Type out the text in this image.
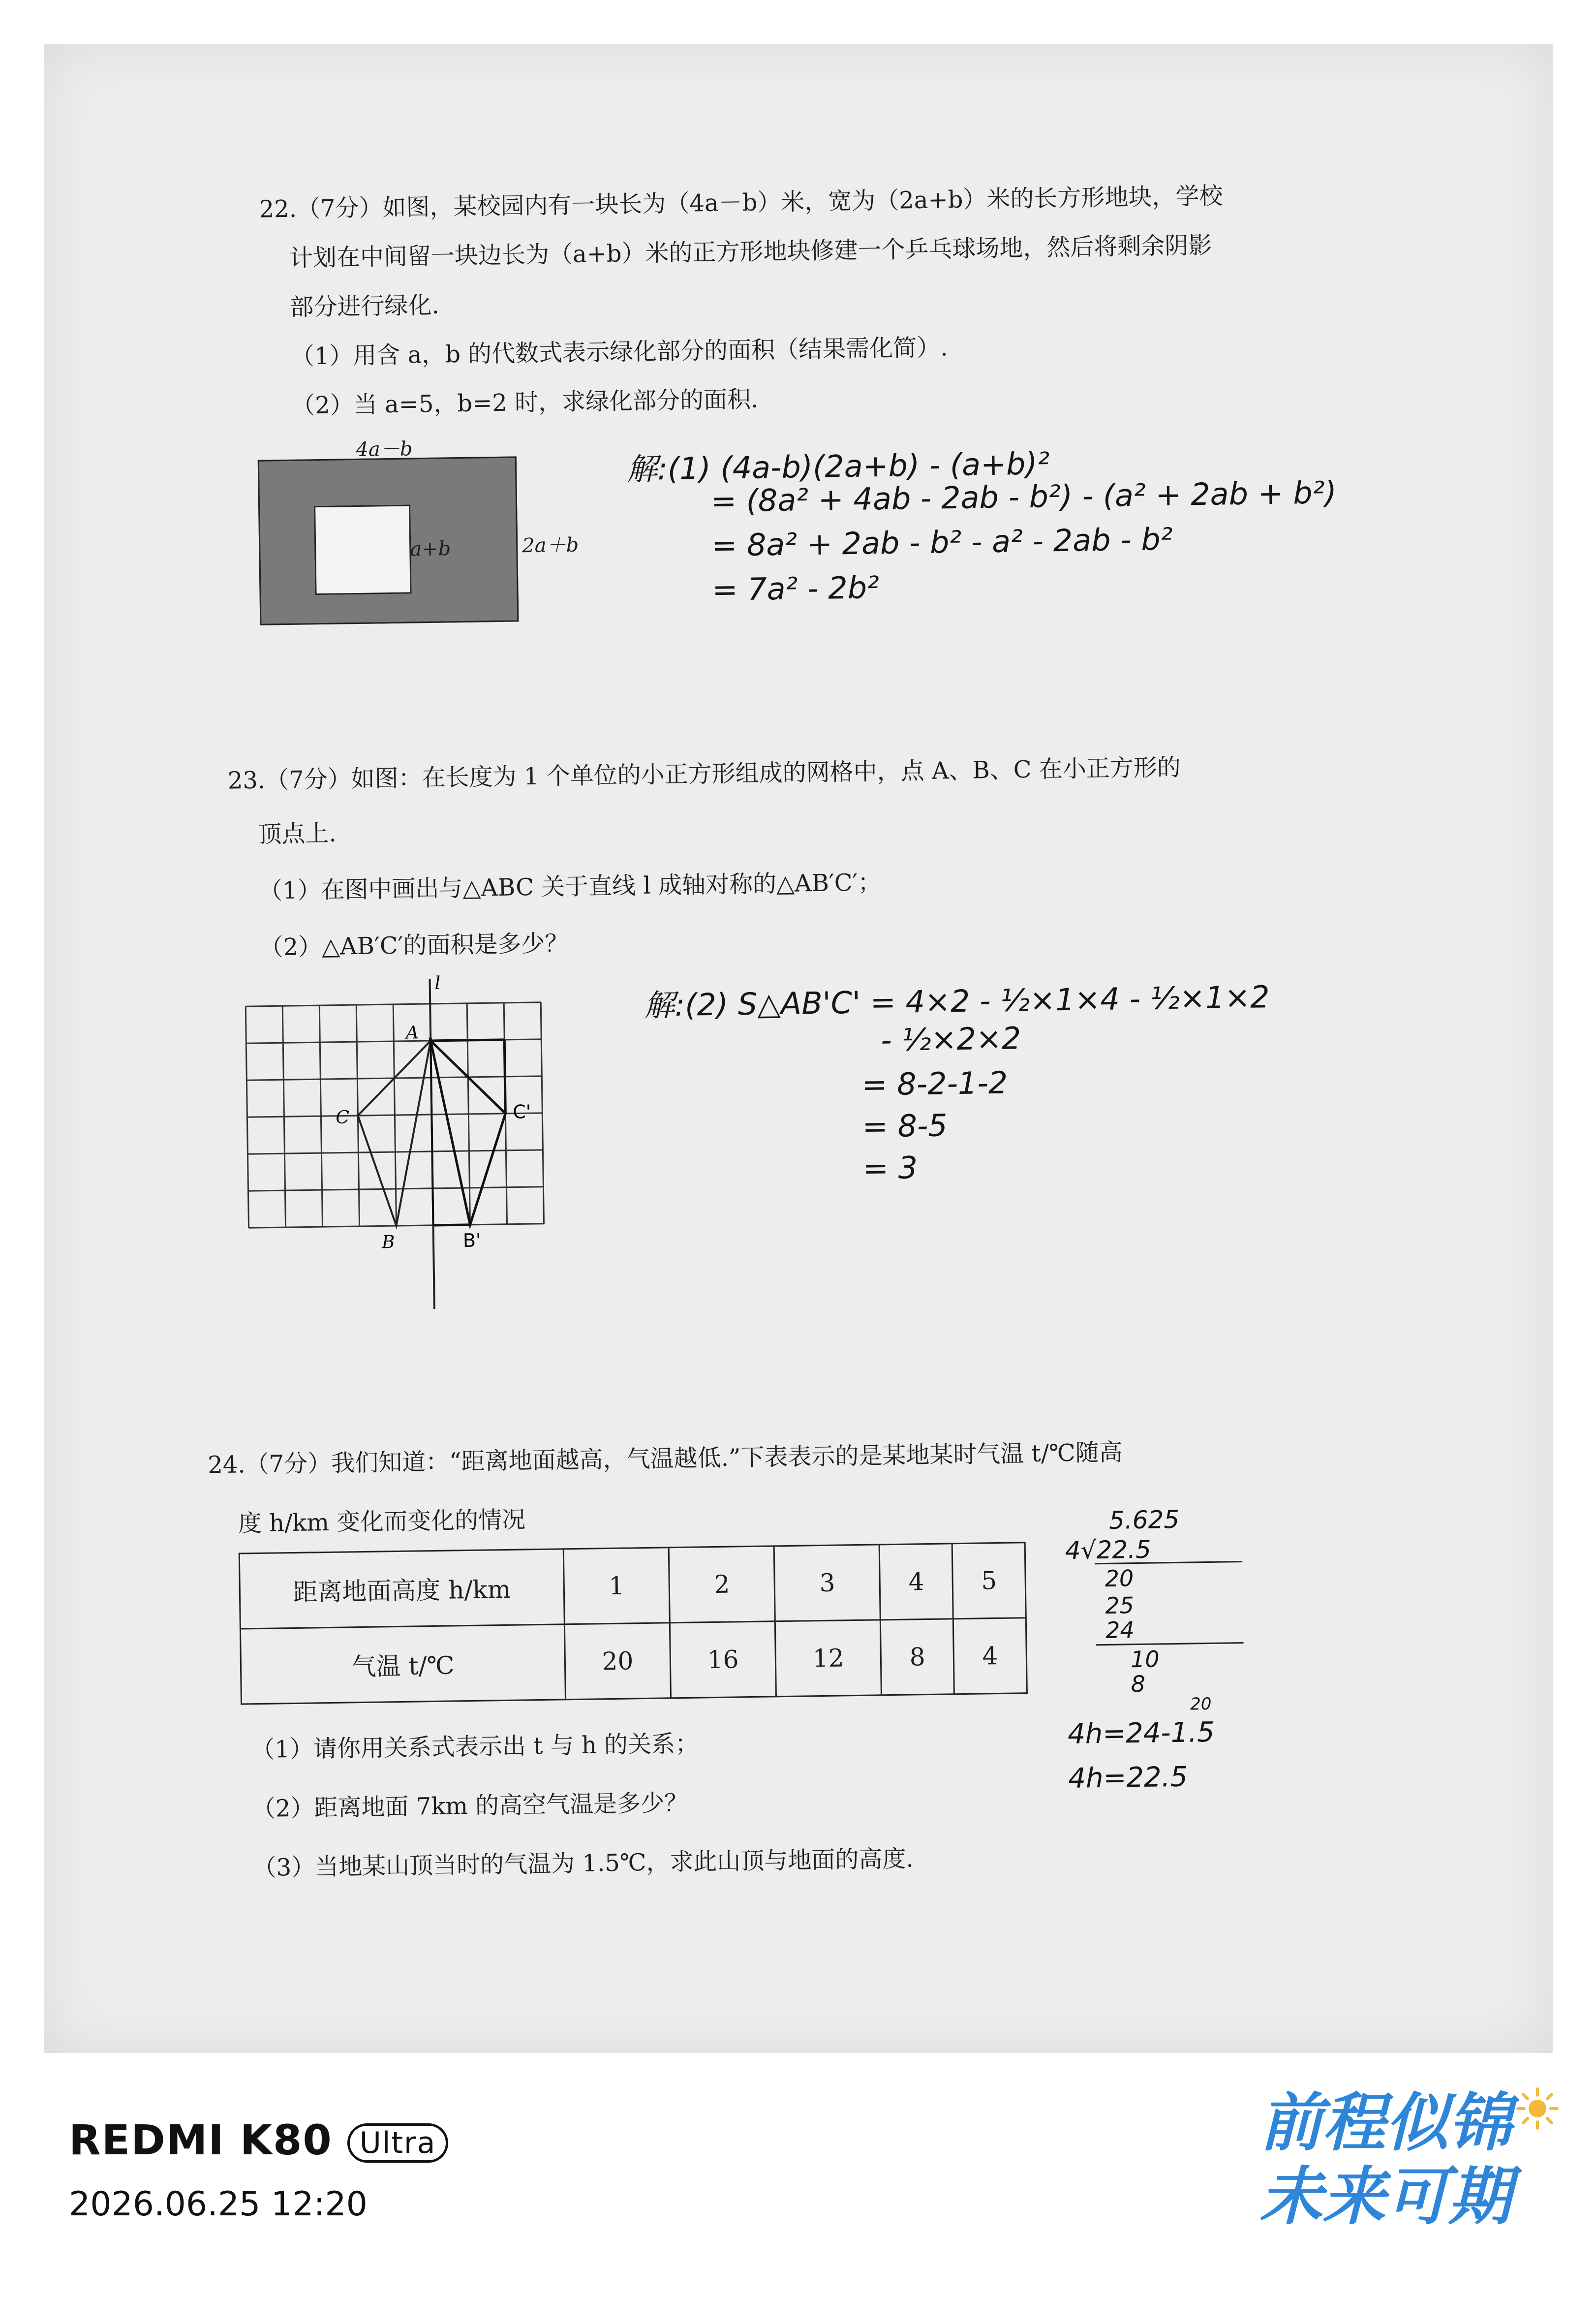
22.（7分）如图，某校园内有一块长为（4a－b）米，宽为（2a+b）米的长方形地块，学校
计划在中间留一块边长为（a+b）米的正方形地块修建一个乒乓球场地，然后将剩余阴影
部分进行绿化.
（1）用含 a，b 的代数式表示绿化部分的面积（结果需化简）.
（2）当 a=5，b=2 时，求绿化部分的面积.
a+b
4a－b
2a＋b
解:(1) (4a-b)(2a+b) - (a+b)²
= (8a² + 4ab - 2ab - b²) - (a² + 2ab + b²)
= 8a² + 2ab - b² - a² - 2ab - b²
= 7a² - 2b²
23.（7分）如图：在长度为 1 个单位的小正方形组成的网格中，点 A、B、C 在小正方形的
顶点上.
（1）在图中画出与△ABC 关于直线 l 成轴对称的△AB′C′；
（2）△AB′C′的面积是多少？
l
A
C
B	B'
C'
解:(2) S△AB'C' = 4×2 - ½×1×4 - ½×1×2
- ½×2×2
= 8-2-1-2
= 8-5
= 3
24.（7分）我们知道：“距离地面越高，气温越低.”下表表示的是某地某时气温 t/℃随高
度 h/km 变化而变化的情况
距离地面高度 h/km	1	2	3	4	5
气温 t/℃	20	16	12	8	4
（1）请你用关系式表示出 t 与 h 的关系；
（2）距离地面 7km 的高空气温是多少？
（3）当地某山顶当时的气温为 1.5℃，求此山顶与地面的高度.
5.625
4√22.5
20
25
24
10
8
20
4h=24-1.5
4h=22.5
REDMI K80 Ultra
2026.06.25 12:20
前程似锦
未来可期
